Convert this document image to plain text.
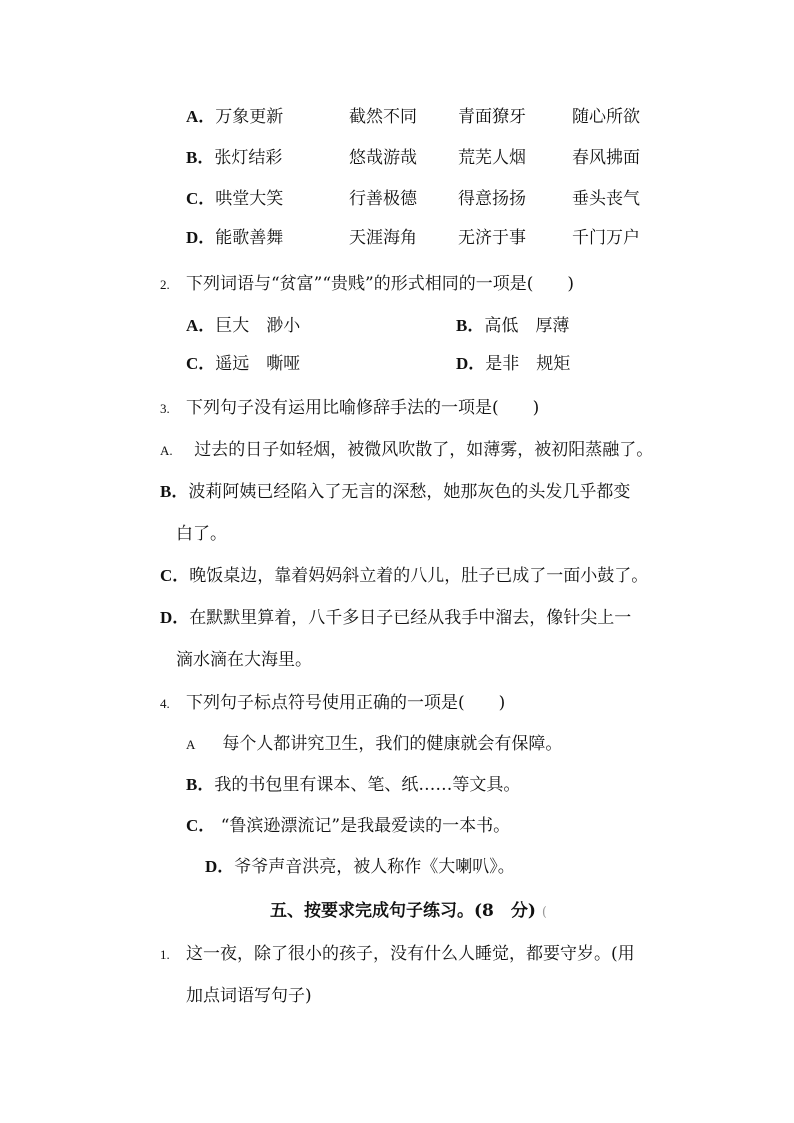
A．万象更新	截然不同 青面獠牙	随心所欲
B．张灯结彩	悠哉游哉 荒芜人烟	春风拂面
C．哄堂大笑	行善极德 得意扬扬	垂头丧气
D．能歌善舞	天涯海角 无济于事	千门万户
2. 下列词语与“贫富”“贵贱”的形式相同的一项是(　　)
A．巨大　渺小	B．高低　厚薄
C．遥远　嘶哑	D．是非　规矩
3. 下列句子没有运用比喻修辞手法的一项是(　　)
A. 过去的日子如轻烟，被微风吹散了，如薄雾，被初阳蒸融了。
B．波莉阿姨已经陷入了无言的深愁，她那灰色的头发几乎都变
白了。
C．晚饭桌边，靠着妈妈斜立着的八儿，肚子已成了一面小鼓了。
D．在默默里算着，八千多日子已经从我手中溜去，像针尖上一
滴水滴在大海里。
4. 下列句子标点符号使用正确的一项是(　　)
A 每个人都讲究卫生，我们的健康就会有保障。
B．我的书包里有课本、笔、纸……等文具。
C． “鲁滨逊漂流记”是我最爱读的一本书。
D．爷爷声音洪亮，被人称作《大喇叭》。
五、按要求完成句子练习。(8　分) (
1. 这一夜，除了很小的孩子，没有什么人睡觉，都要守岁。(用
加点词语写句子)
